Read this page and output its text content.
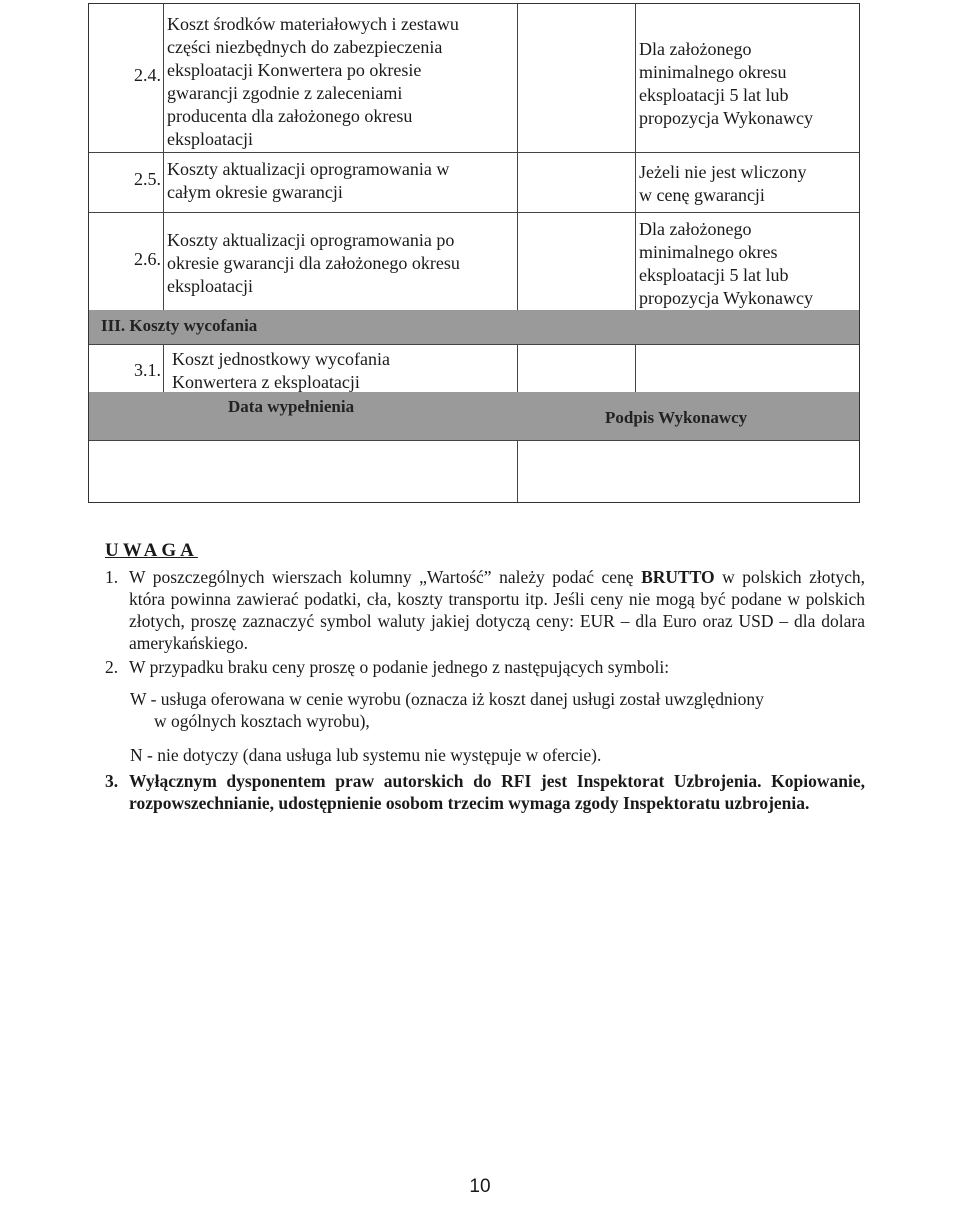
2.4.
Koszt środków materiałowych i zestawu
części niezbędnych do zabezpieczenia
eksploatacji Konwertera po okresie
gwarancji zgodnie z zaleceniami
producenta dla założonego okresu
eksploatacji
Dla założonego
minimalnego okresu
eksploatacji 5 lat lub
propozycja Wykonawcy
2.5. Koszty aktualizacji oprogramowania w
całym okresie gwarancji
Jeżeli nie jest wliczony
w cenę gwarancji
2.6.
Koszty aktualizacji oprogramowania po
okresie gwarancji dla założonego okresu
eksploatacji
Dla założonego
minimalnego okres
eksploatacji 5 lat lub
propozycja Wykonawcy
III. Koszty wycofania
3.1.
Koszt jednostkowy wycofania
Konwertera z eksploatacji
Data wypełnienia
Podpis Wykonawcy
UWAGA
1. W poszczególnych wierszach kolumny „Wartość” należy podać cenę BRUTTO w polskich złotych, która powinna zawierać podatki, cła, koszty transportu itp. Jeśli ceny nie mogą być podane w polskich złotych, proszę zaznaczyć symbol waluty jakiej dotyczą ceny: EUR – dla Euro oraz USD – dla dolara amerykańskiego.
2. W przypadku braku ceny proszę o podanie jednego z następujących symboli:
W - usługa oferowana w cenie wyrobu (oznacza iż koszt danej usługi został uwzględniony
w ogólnych kosztach wyrobu),
N - nie dotyczy (dana usługa lub systemu nie występuje w ofercie).
3. Wyłącznym dysponentem praw autorskich do RFI jest Inspektorat Uzbrojenia. Kopiowanie, rozpowszechnianie, udostępnienie osobom trzecim wymaga zgody Inspektoratu uzbrojenia.
10
